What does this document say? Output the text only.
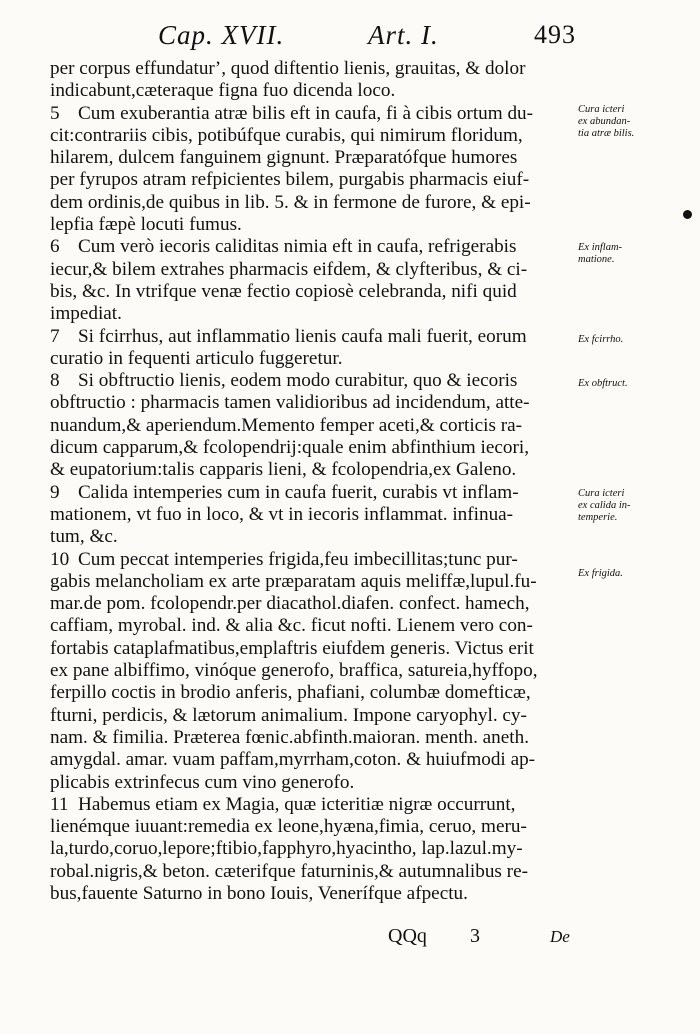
Cap. XVII.	Art. I.	493
per corpus effundaturʼ, quod diftentio lienis, grauitas, & dolor
indicabunt,cæteraque figna fuo dicenda loco.
5 Cum exuberantia atræ bilis eft in caufa, fi à cibis ortum du-
cit:contrariis cibis, potibúfque curabis, qui nimirum floridum,
hilarem, dulcem fanguinem gignunt. Præparatófque humores
per fyrupos atram refpicientes bilem, purgabis pharmacis eiuf-
dem ordinis,de quibus in lib. 5. & in fermone de furore, & epi-
lepfia fæpè locuti fumus.
6 Cum verò iecoris caliditas nimia eft in caufa, refrigerabis
iecur,& bilem extrahes pharmacis eifdem, & clyfteribus, & ci-
bis, &c. In vtrifque venæ fectio copiosè celebranda, nifi quid
impediat.
7 Si fcirrhus, aut inflammatio lienis caufa mali fuerit, eorum
curatio in fequenti articulo fuggeretur.
8 Si obftructio lienis, eodem modo curabitur, quo & iecoris
obftructio : pharmacis tamen validioribus ad incidendum, atte-
nuandum,& aperiendum.Memento femper aceti,& corticis ra-
dicum capparum,& fcolopendrij:quale enim abfinthium iecori,
& eupatorium:talis capparis lieni, & fcolopendria,ex Galeno.
9 Calida intemperies cum in caufa fuerit, curabis vt inflam-
mationem, vt fuo in loco, & vt in iecoris inflammat. infinua-
tum, &c.
10 Cum peccat intemperies frigida,feu imbecillitas;tunc pur-
gabis melancholiam ex arte præparatam aquis meliffæ,lupul.fu-
mar.de pom. fcolopendr.per diacathol.diafen. confect. hamech,
caffiam, myrobal. ind. & alia &c. ficut nofti. Lienem vero con-
fortabis cataplafmatibus,emplaftris eiufdem generis. Victus erit
ex pane albiffimo, vinóque generofo, braffica, satureia,hyffopo,
ferpillo coctis in brodio anferis, phafiani, columbæ domefticæ,
fturni, perdicis, & lætorum animalium. Impone caryophyl. cy-
nam. & fimilia. Præterea fœnic.abfinth.maioran. menth. aneth.
amygdal. amar. vuam paffam,myrrham,coton. & huiufmodi ap-
plicabis extrinfecus cum vino generofo.
11 Habemus etiam ex Magia, quæ icteritiæ nigræ occurrunt,
lienémque iuuant:remedia ex leone,hyæna,fimia, ceruo, meru-
la,turdo,coruo,lepore;ftibio,fapphyro,hyacintho, lap.lazul.my-
robal.nigris,& beton. cæterifque faturninis,& autumnalibus re-
bus,fauente Saturno in bono Iouis, Venerífque afpectu.
Cura icteri
ex abundan-
tia atræ bilis.
Ex inflam-
matione.
Ex fcirrho.
Ex obftruct.
Cura icteri
ex calida in-
temperie.
Ex frigida.
QQq 3	De
